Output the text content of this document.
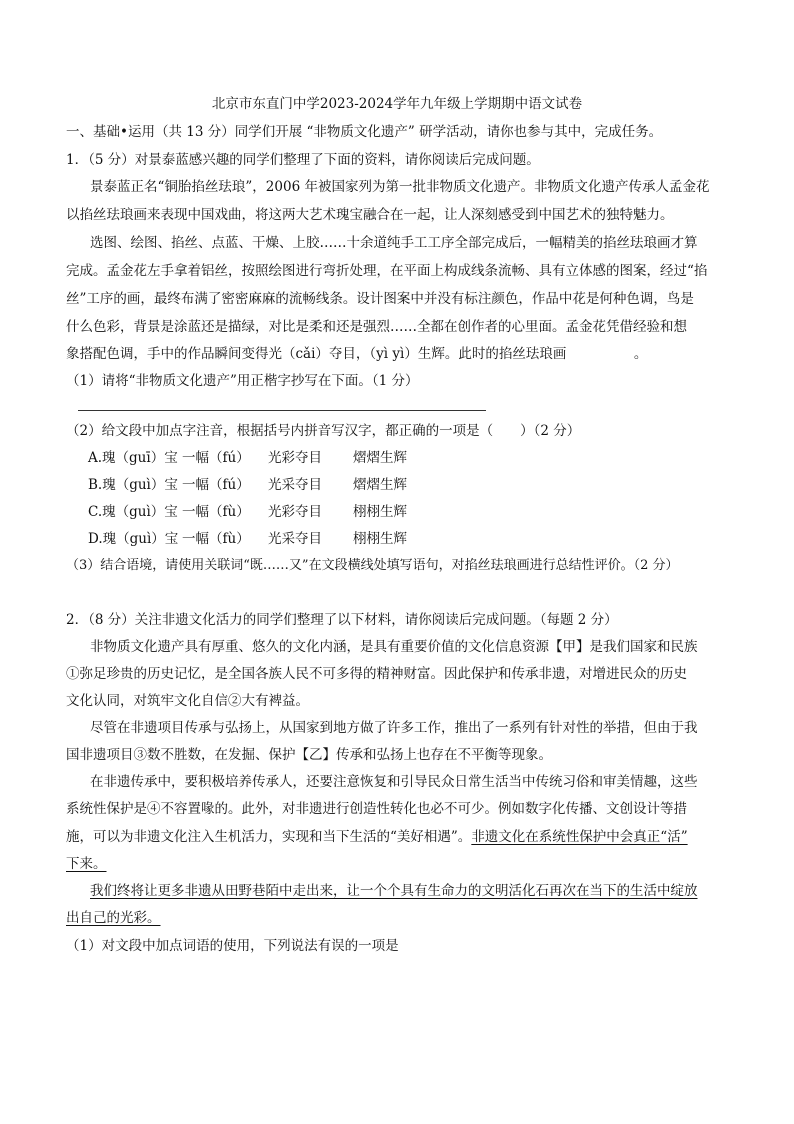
北京市东直门中学2023-2024学年九年级上学期期中语文试卷
一、基础•运用（共 13 分）同学们开展 “非物质文化遗产” 研学活动，请你也参与其中，完成任务。
1．（5 分）对景泰蓝感兴趣的同学们整理了下面的资料，请你阅读后完成问题。
景泰蓝正名“铜胎掐丝珐琅”，2006 年被国家列为第一批非物质文化遗产。非物质文化遗产传承人孟金花
以掐丝珐琅画来表现中国戏曲，将这两大艺术瑰宝融合在一起，让人深刻感受到中国艺术的独特魅力。
选图、绘图、掐丝、点蓝、干燥、上胶……十余道纯手工工序全部完成后，一幅精美的掐丝珐琅画才算
完成。孟金花左手拿着铝丝，按照绘图进行弯折处理，在平面上构成线条流畅、具有立体感的图案，经过“掐
丝”工序的画，最终布满了密密麻麻的流畅线条。设计图案中并没有标注颜色，作品中花是何种色调，鸟是
什么色彩，背景是涂蓝还是描绿，对比是柔和还是强烈……全都在创作者的心里面。孟金花凭借经验和想
象搭配色调，手中的作品瞬间变得光（cǎi）夺目，（yì yì）生辉。此时的掐丝珐琅画　　　　　。
（1）请将“非物质文化遗产”用正楷字抄写在下面。（1 分）
（2）给文段中加点字注音，根据括号内拼音写汉字，都正确的一项是（　　）（2 分）
A.瑰（guī）宝 一幅（fú） 光彩夺目 熠熠生辉
B.瑰（guì）宝 一幅（fú） 光采夺目 熠熠生辉
C.瑰（guì）宝 一幅（fù） 光彩夺目 栩栩生辉
D.瑰（guì）宝 一幅（fù） 光采夺目 栩栩生辉
（3）结合语境，请使用关联词“既……又”在文段横线处填写语句，对掐丝珐琅画进行总结性评价。（2 分）
2．（8 分）关注非遗文化活力的同学们整理了以下材料，请你阅读后完成问题。（每题 2 分）
非物质文化遗产具有厚重、悠久的文化内涵，是具有重要价值的文化信息资源【甲】是我们国家和民族
①弥足珍贵的历史记忆，是全国各族人民不可多得的精神财富。因此保护和传承非遗，对增进民众的历史
文化认同，对筑牢文化自信②大有裨益。
尽管在非遗项目传承与弘扬上，从国家到地方做了许多工作，推出了一系列有针对性的举措，但由于我
国非遗项目③数不胜数，在发掘、保护【乙】传承和弘扬上也存在不平衡等现象。
在非遗传承中，要积极培养传承人，还要注意恢复和引导民众日常生活当中传统习俗和审美情趣，这些
系统性保护是④不容置喙的。此外，对非遗进行创造性转化也必不可少。例如数字化传播、文创设计等措
施，可以为非遗文化注入生机活力，实现和当下生活的“美好相遇”。非遗文化在系统性保护中会真正“活”
下来。
我们终将让更多非遗从田野巷陌中走出来，让一个个具有生命力的文明活化石再次在当下的生活中绽放
出自己的光彩。
（1）对文段中加点词语的使用，下列说法有误的一项是
